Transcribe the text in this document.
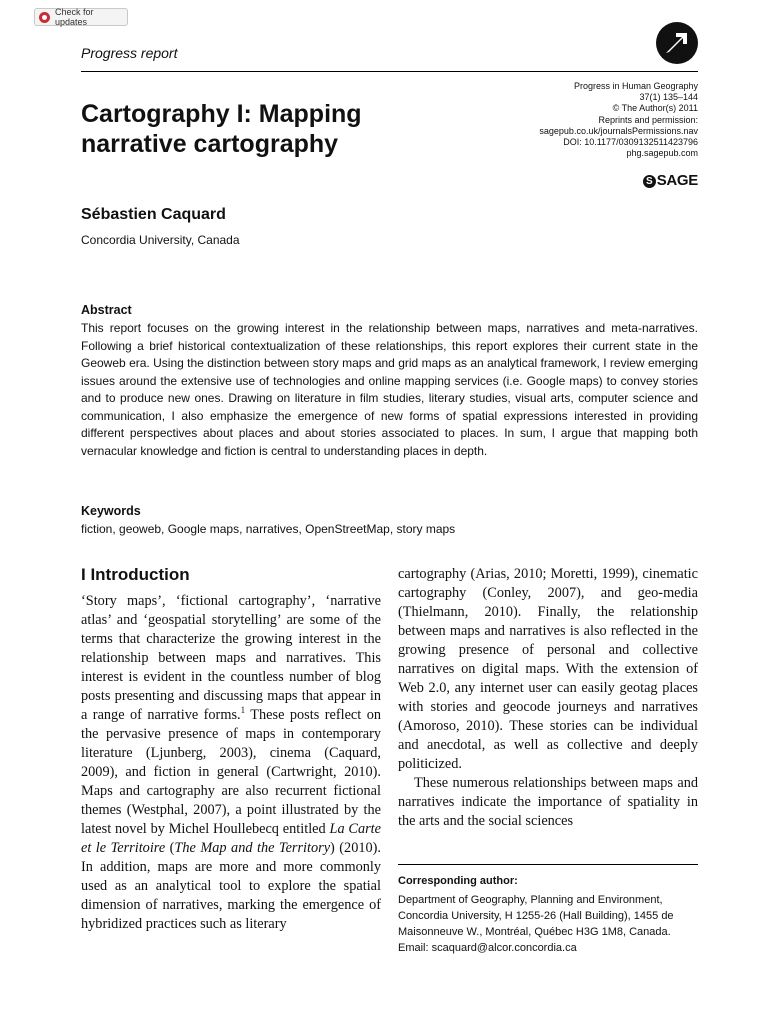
Check for updates
Progress report
Progress in Human Geography
37(1) 135–144
© The Author(s) 2011
Reprints and permission:
sagepub.co.uk/journalsPermissions.nav
DOI: 10.1177/0309132511423796
phg.sagepub.com
S SAGE
Cartography I: Mapping
narrative cartography
Sébastien Caquard
Concordia University, Canada
Abstract
This report focuses on the growing interest in the relationship between maps, narratives and meta-narratives. Following a brief historical contextualization of these relationships, this report explores their current state in the Geoweb era. Using the distinction between story maps and grid maps as an analytical framework, I review emerging issues around the extensive use of technologies and online mapping services (i.e. Google maps) to convey stories and to produce new ones. Drawing on literature in film studies, literary studies, visual arts, computer science and communication, I also emphasize the emergence of new forms of spatial expressions interested in providing different perspectives about places and about stories associated to places. In sum, I argue that mapping both vernacular knowledge and fiction is central to understanding places in depth.
Keywords
fiction, geoweb, Google maps, narratives, OpenStreetMap, story maps
I Introduction

‘Story maps’, ‘fictional cartography’, ‘narrative atlas’ and ‘geospatial storytelling’ are some of the terms that characterize the growing interest in the relationship between maps and narratives. This interest is evident in the countless number of blog posts presenting and discussing maps that appear in a range of narrative forms.$^1$ These posts reflect on the pervasive presence of maps in contemporary literature (Ljunberg, 2003), cinema (Caquard, 2009), and fiction in general (Cartwright, 2010). Maps and cartography are also recurrent fictional themes (Westphal, 2007), a point illustrated by the latest novel by Michel Houllebecq entitled La Carte et le Territoire (The Map and the Territory) (2010). In addition, maps are more and more commonly used as an analytical tool to explore the spatial dimension of narratives, marking the emergence of hybridized practices such as literary

cartography (Arias, 2010; Moretti, 1999), cinematic cartography (Conley, 2007), and geo-media (Thielmann, 2010). Finally, the relationship between maps and narratives is also reflected in the growing presence of personal and collective narratives on digital maps. With the extension of Web 2.0, any internet user can easily geotag places with stories and geocode journeys and narratives (Amoroso, 2010). These stories can be individual and anecdotal, as well as collective and deeply politicized.

These numerous relationships between maps and narratives indicate the importance of spatiality in the arts and the social sciences

Corresponding author:
Department of Geography, Planning and Environment,
Concordia University, H 1255-26 (Hall Building), 1455 de
Maisonneuve W., Montréal, Québec H3G 1M8, Canada.
Email: scaquard@alcor.concordia.ca
